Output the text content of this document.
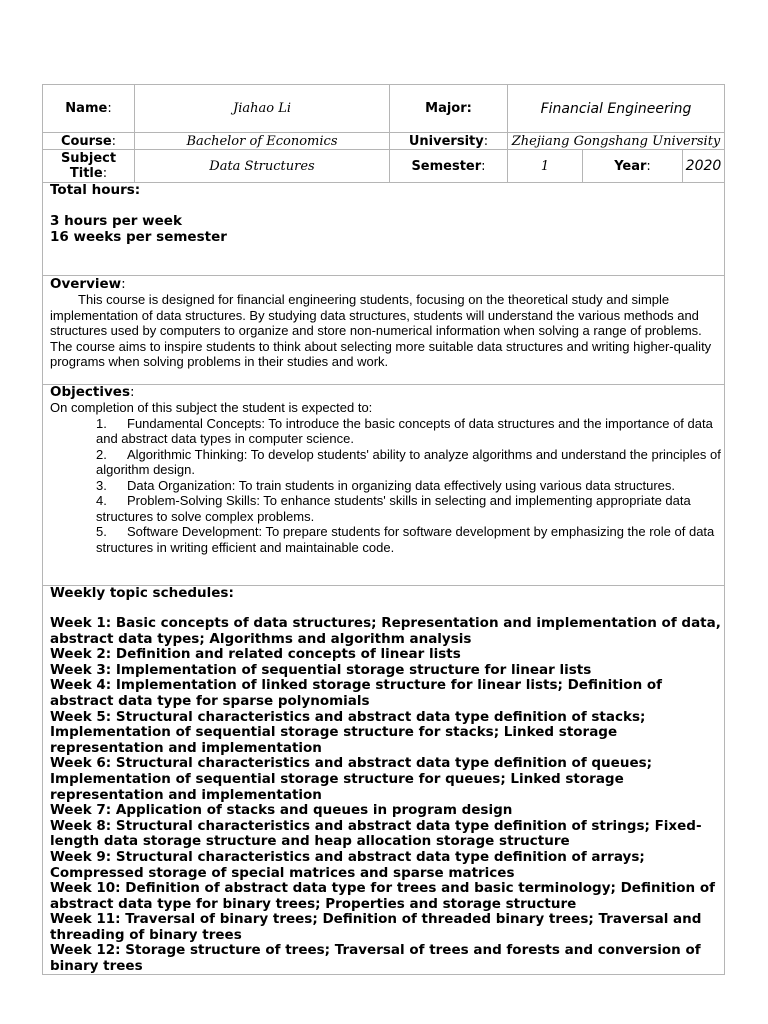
Name :	Jiahao Li	Major:	Financial Engineering
Course :	Bachelor of Economics	University : Zhejiang Gongshang University
Subject
Title:	Data Structures	Semester :	1	Year : 2020
Total hours:
3 hours per week
16 weeks per semester
Overview:
This course is designed for financial engineering students, focusing on the theoretical study and simple implementation of data structures. By studying data structures, students will understand the various methods and structures used by computers to organize and store non-numerical information when solving a range of problems. The course aims to inspire students to think about selecting more suitable data structures and writing higher-quality programs when solving problems in their studies and work.
Objectives:
On completion of this subject the student is expected to:
1. Fundamental Concepts: To introduce the basic concepts of data structures and the importance of data and abstract data types in computer science.
2. Algorithmic Thinking: To develop students' ability to analyze algorithms and understand the principles of algorithm design.
3. Data Organization: To train students in organizing data effectively using various data structures.
4. Problem-Solving Skills: To enhance students' skills in selecting and implementing appropriate data structures to solve complex problems.
5. Software Development: To prepare students for software development by emphasizing the role of data structures in writing efficient and maintainable code.
Weekly topic schedules:
Week 1: Basic concepts of data structures; Representation and implementation of data, abstract data types; Algorithms and algorithm analysis
Week 2: Definition and related concepts of linear lists
Week 3: Implementation of sequential storage structure for linear lists
Week 4: Implementation of linked storage structure for linear lists; Definition of abstract data type for sparse polynomials
Week 5: Structural characteristics and abstract data type definition of stacks; Implementation of sequential storage structure for stacks; Linked storage representation and implementation
Week 6: Structural characteristics and abstract data type definition of queues; Implementation of sequential storage structure for queues; Linked storage representation and implementation
Week 7: Application of stacks and queues in program design
Week 8: Structural characteristics and abstract data type definition of strings; Fixed-length data storage structure and heap allocation storage structure
Week 9: Structural characteristics and abstract data type definition of arrays; Compressed storage of special matrices and sparse matrices
Week 10: Definition of abstract data type for trees and basic terminology; Definition of abstract data type for binary trees; Properties and storage structure
Week 11: Traversal of binary trees; Definition of threaded binary trees; Traversal and threading of binary trees
Week 12: Storage structure of trees; Traversal of trees and forests and conversion of binary trees
